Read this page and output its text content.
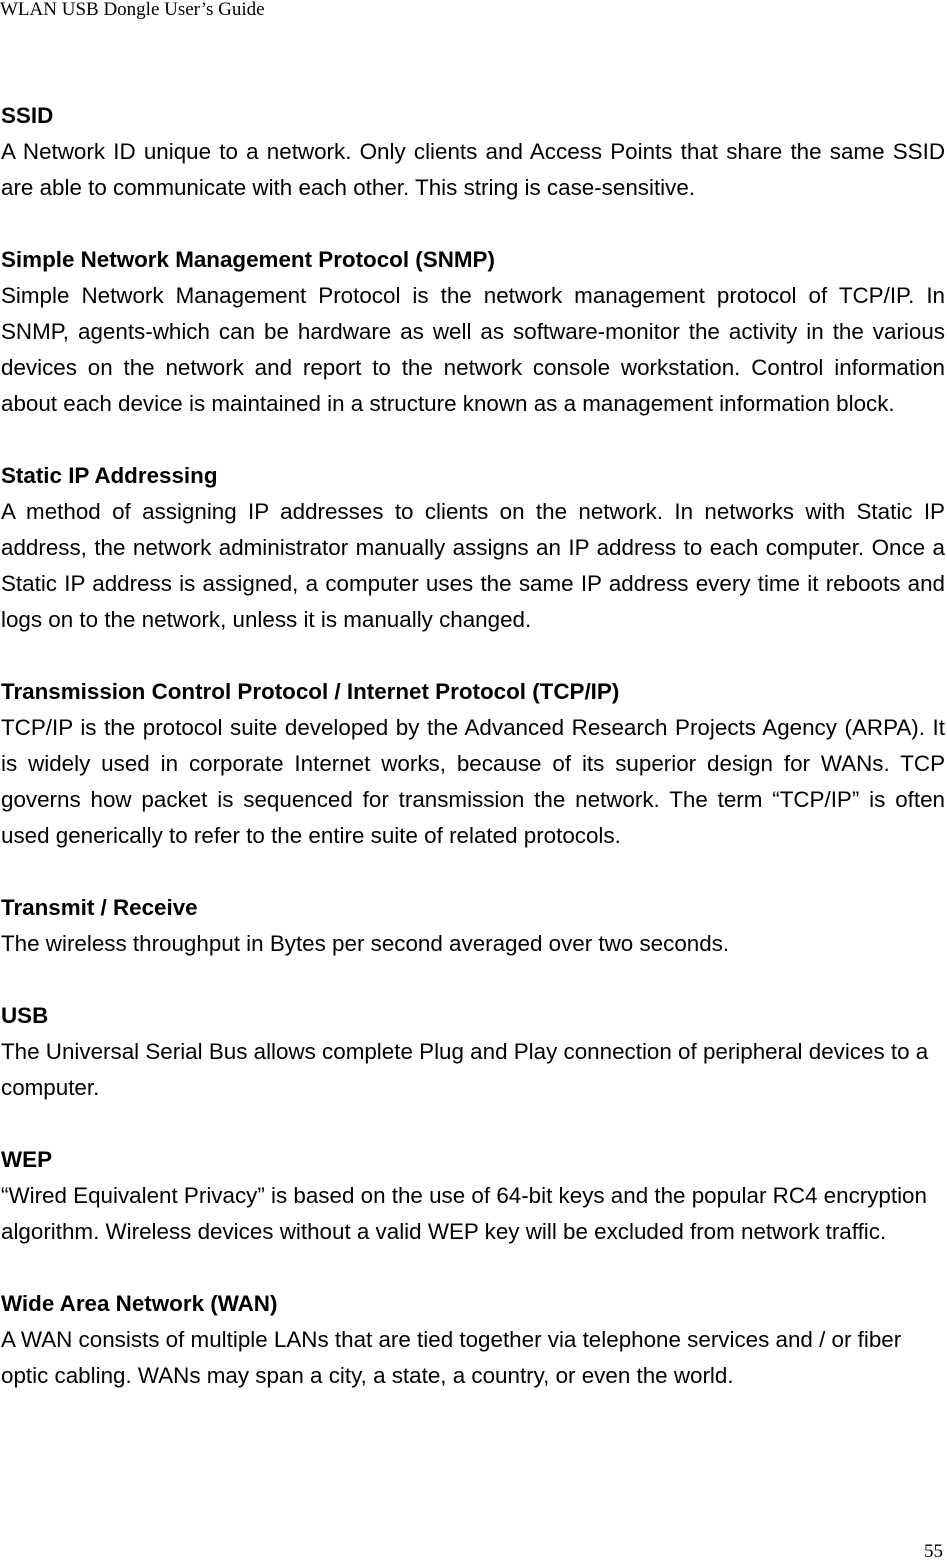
WLAN USB Dongle User’s Guide
SSID
A Network ID unique to a network. Only clients and Access Points that share the same SSID are able to communicate with each other. This string is case-sensitive.
Simple Network Management Protocol (SNMP)
Simple Network Management Protocol is the network management protocol of TCP/IP. In SNMP, agents-which can be hardware as well as software-monitor the activity in the various devices on the network and report to the network console workstation. Control information about each device is maintained in a structure known as a management information block.
Static IP Addressing
A method of assigning IP addresses to clients on the network. In networks with Static IP address, the network administrator manually assigns an IP address to each computer. Once a Static IP address is assigned, a computer uses the same IP address every time it reboots and logs on to the network, unless it is manually changed.
Transmission Control Protocol / Internet Protocol (TCP/IP)
TCP/IP is the protocol suite developed by the Advanced Research Projects Agency (ARPA). It is widely used in corporate Internet works, because of its superior design for WANs. TCP governs how packet is sequenced for transmission the network. The term “TCP/IP” is often used generically to refer to the entire suite of related protocols.
Transmit / Receive
The wireless throughput in Bytes per second averaged over two seconds.
USB
The Universal Serial Bus allows complete Plug and Play connection of peripheral devices to a computer.
WEP
“Wired Equivalent Privacy” is based on the use of 64-bit keys and the popular RC4 encryption algorithm. Wireless devices without a valid WEP key will be excluded from network traffic.
Wide Area Network (WAN)
A WAN consists of multiple LANs that are tied together via telephone services and / or fiber optic cabling. WANs may span a city, a state, a country, or even the world.
55
